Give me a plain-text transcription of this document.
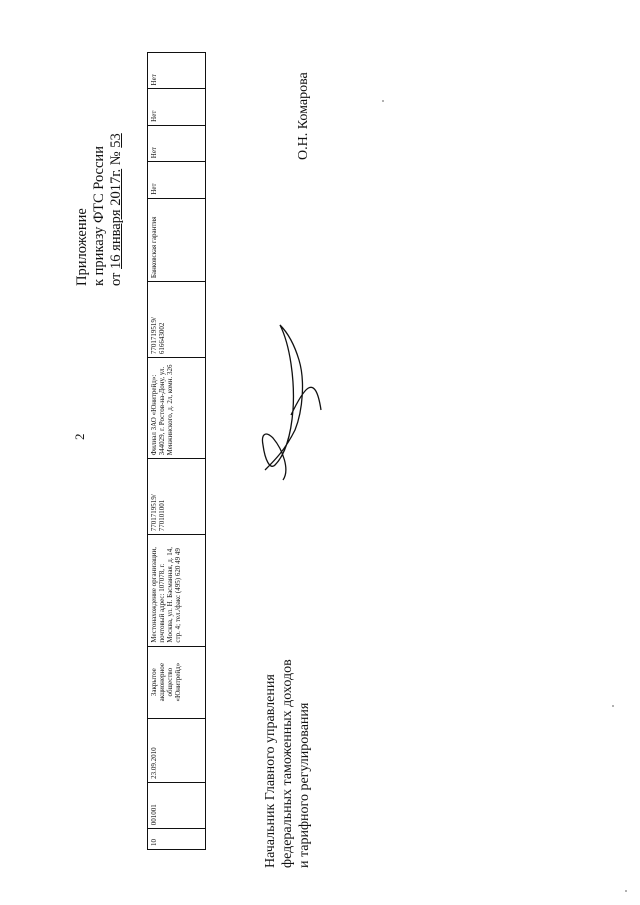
2
Приложение к приказу ФТС России от 16 января 2017г. № 53
10	001001	23.09.2010	Закрытое акционерное общество «Юнитрейд»	Местонахождение организации, почтовый адрес: 107078, г. Москва, ул. Н. Басманная, д. 14, стр. 4; тел./факс (495) 620 49 49	7701719519/ 770101001	Филиал ЗАО «Юнитрейд»: 344029, г. Ростов-на-Дону, ул. Менжинского, д. 2л, комн. 326	7701719519/ 616643002	Банковская гарантия	Нет	Нет	Нет	Нет
Начальник Главного управления федеральных таможенных доходов и тарифного регулирования
О.Н. Комарова
